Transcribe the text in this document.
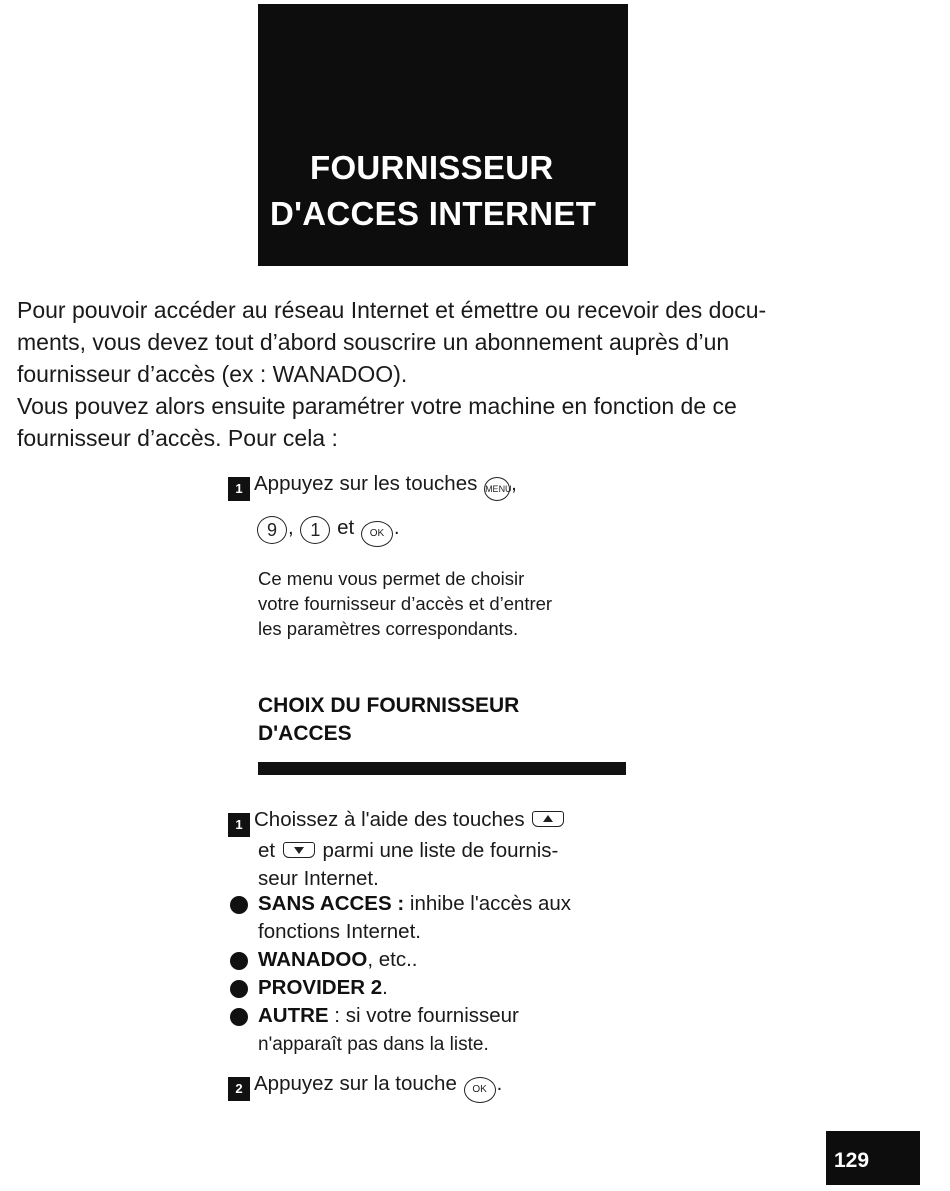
FOURNISSEUR
D'ACCES INTERNET

Pour pouvoir accéder au réseau Internet et émettre ou recevoir des docu-
ments, vous devez tout d’abord souscrire un abonnement auprès d’un
fournisseur d’accès (ex : WANADOO).

Vous pouvez alors ensuite paramétrer votre machine en fonction de ce
fournisseur d’accès. Pour cela :

1 Appuyez sur les touches MENU,
9 , 1 et OK .

Ce menu vous permet de choisir
votre fournisseur d’accès et d’entrer
les paramètres correspondants.

CHOIX DU FOURNISSEUR
D'ACCES
1 Choissez à l'aide des touches
et parmi une liste de fournis-
seur Internet.
SANS ACCES : inhibe l'accès aux
fonctions Internet.
WANADOO, etc..
PROVIDER 2.
AUTRE : si votre fournisseur
n'apparaît pas dans la liste.
2 Appuyez sur la touche OK .
129
